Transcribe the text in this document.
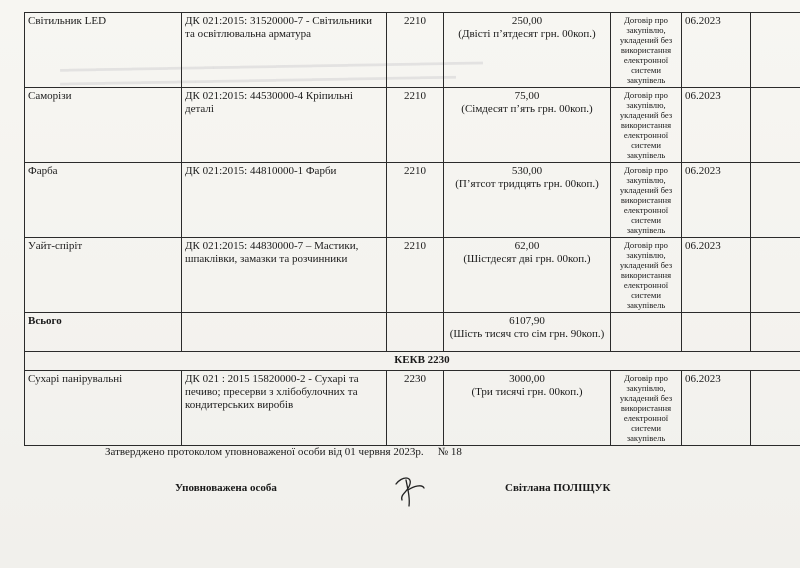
▬▬▬▬▬▬▬▬▬▬▬▬▬▬▬▬▬▬▬▬▬▬▬▬▬▬▬▬▬▬▬▬▬▬▬▬▬▬▬▬▬▬▬▬▬▬▬
▬▬▬▬▬▬▬▬▬▬▬▬▬▬▬▬▬▬▬▬▬▬▬▬▬▬▬▬▬▬▬▬▬▬▬▬▬▬▬▬▬▬▬▬
Світильник LED	ДК 021:2015: 31520000-7 - Світильники та освітлювальна арматура	2210	250,00
(Двісті п’ятдесят грн. 00коп.)	Договір про закупівлю, укладений без використання електронної системи закупівель	06.2023	
Саморізи	ДК 021:2015: 44530000-4 Кріпильні деталі	2210	75,00
(Сімдесят п’ять грн. 00коп.)	Договір про закупівлю, укладений без використання електронної системи закупівель	06.2023	
Фарба	ДК 021:2015: 44810000-1 Фарби	2210	530,00
(П’ятсот тридцять грн. 00коп.)	Договір про закупівлю, укладений без використання електронної системи закупівель	06.2023	
Уайт-спіріт	ДК 021:2015: 44830000-7 – Мастики, шпаклівки, замазки та розчинники	2210	62,00
(Шістдесят дві грн. 00коп.)	Договір про закупівлю, укладений без використання електронної системи закупівель	06.2023	
Всього			6107,90
(Шість тисяч сто сім грн. 90коп.)			
КЕКВ 2230						
Сухарі панірувальні	ДК 021 : 2015 15820000-2 - Сухарі та печиво; пресерви з хлібобулочних та кондитерських виробів	2230	3000,00
(Три тисячі грн. 00коп.)	Договір про закупівлю, укладений без використання електронної системи закупівель	06.2023	
Затверджено протоколом уповноваженої особи від 01 червня 2023р. № 18
Уповноважена особа	Світлана ПОЛІЩУК
